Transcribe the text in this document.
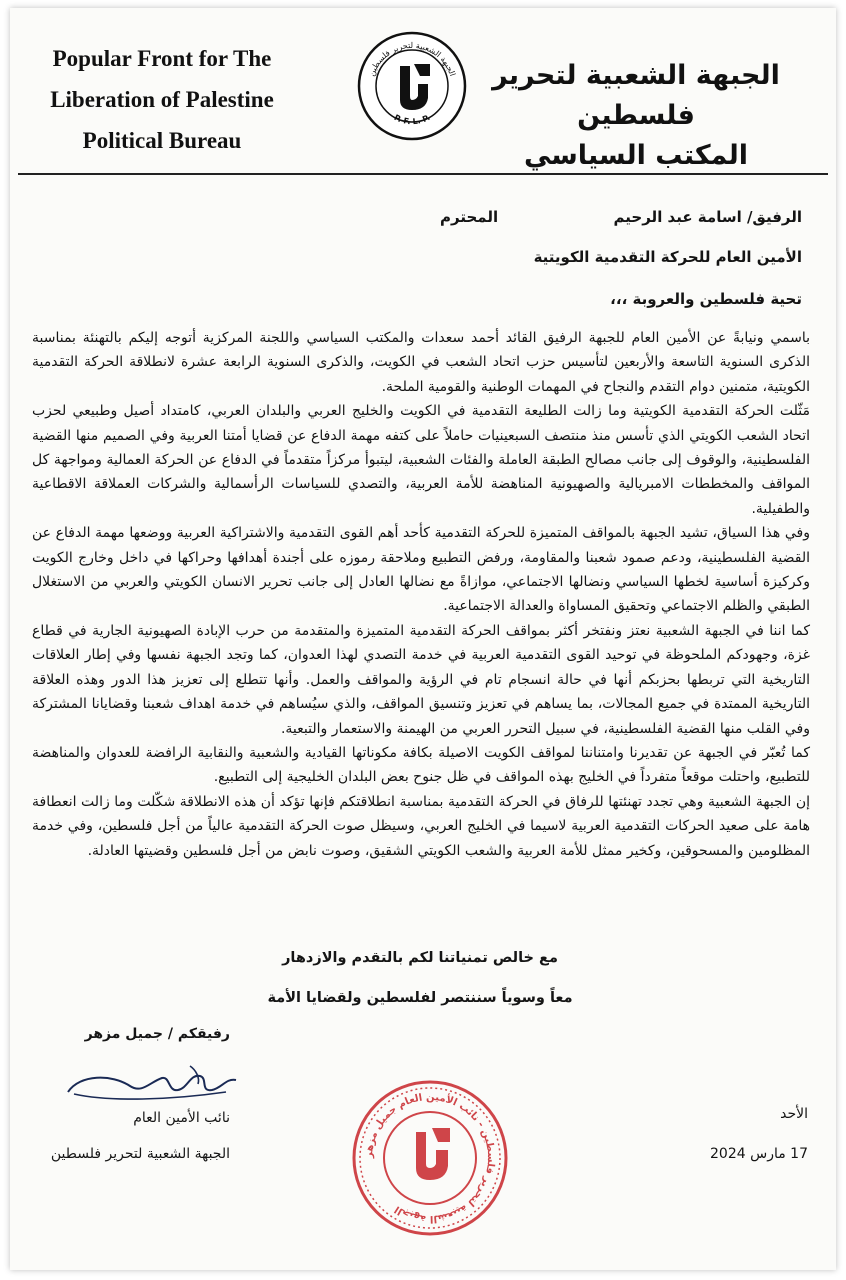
Popular Front for The
Liberation of Palestine
Political Bureau
الجبهة الشعبية لتحرير فلسطين
P. F. L. P.
الجبهة الشعبية لتحرير فلسطين
المكتب السياسي
الرفيق/ اسامة عبد الرحيم
المحترم
الأمين العام للحركة التقدمية الكويتية
تحية فلسطين والعروبة ،،،

باسمي ونيابةً عن الأمين العام للجبهة الرفيق القائد أحمد سعدات والمكتب السياسي واللجنة المركزية أتوجه إليكم بالتهنئة بمناسبة الذكرى السنوية التاسعة والأربعين لتأسيس حزب اتحاد الشعب في الكويت، والذكرى السنوية الرابعة عشرة لانطلاقة الحركة التقدمية الكويتية، متمنين دوام التقدم والنجاح في المهمات الوطنية والقومية الملحة.

مَثّلت الحركة التقدمية الكويتية وما زالت الطليعة التقدمية في الكويت والخليج العربي والبلدان العربي، كامتداد أصيل وطبيعي لحزب اتحاد الشعب الكويتي الذي تأسس منذ منتصف السبعينيات حاملاً على كتفه مهمة الدفاع عن قضايا أمتنا العربية وفي الصميم منها القضية الفلسطينية، والوقوف إلى جانب مصالح الطبقة العاملة والفئات الشعبية، ليتبوأ مركزاً متقدماً في الدفاع عن الحركة العمالية ومواجهة كل المواقف والمخططات الامبريالية والصهيونية المناهضة للأمة العربية، والتصدي للسياسات الرأسمالية والشركات العملاقة الاقطاعية والطفيلية.

وفي هذا السياق، تشيد الجبهة بالمواقف المتميزة للحركة التقدمية كأحد أهم القوى التقدمية والاشتراكية العربية ووضعها مهمة الدفاع عن القضية الفلسطينية، ودعم صمود شعبنا والمقاومة، ورفض التطبيع وملاحقة رموزه على أجندة أهدافها وحراكها في داخل وخارج الكويت وكركيزة أساسية لخطها السياسي ونضالها الاجتماعي، موازاةً مع نضالها العادل إلى جانب تحرير الانسان الكويتي والعربي من الاستغلال الطبقي والظلم الاجتماعي وتحقيق المساواة والعدالة الاجتماعية.

كما اننا في الجبهة الشعبية نعتز ونفتخر أكثر بمواقف الحركة التقدمية المتميزة والمتقدمة من حرب الإبادة الصهيونية الجارية في قطاع غزة، وجهودكم الملحوظة في توحيد القوى التقدمية العربية في خدمة التصدي لهذا العدوان، كما وتجد الجبهة نفسها وفي إطار العلاقات التاريخية التي تربطها بحزبكم أنها في حالة انسجام تام في الرؤية والمواقف والعمل. وأنها تتطلع إلى تعزيز هذا الدور وهذه العلاقة التاريخية الممتدة في جميع المجالات، بما يساهم في تعزيز وتنسيق المواقف، والذي سيُساهم في خدمة اهداف شعبنا وقضايانا المشتركة وفي القلب منها القضية الفلسطينية، في سبيل التحرر العربي من الهيمنة والاستعمار والتبعية.

كما تُعبّر في الجبهة عن تقديرنا وامتناننا لمواقف الكويت الاصيلة بكافة مكوناتها القيادية والشعبية والنقابية الرافضة للعدوان والمناهضة للتطبيع، واحتلت موقعاً متفرداً في الخليج بهذه المواقف في ظل جنوح بعض البلدان الخليجية إلى التطبيع.

إن الجبهة الشعبية وهي تجدد تهنئتها للرفاق في الحركة التقدمية بمناسبة انطلاقتكم فإنها تؤكد أن هذه الانطلاقة شكّلت وما زالت انعطافة هامة على صعيد الحركات التقدمية العربية لاسيما في الخليج العربي، وسيظل صوت الحركة التقدمية عالياً من أجل فلسطين، وفي خدمة المظلومين والمسحوقين، وكخير ممثل للأمة العربية والشعب الكويتي الشقيق، وصوت نابض من أجل فلسطين وقضيتها العادلة.

مع خالص تمنياتنا لكم بالتقدم والازدهار
معاً وسوياً سننتصر لفلسطين ولقضايا الأمة
رفيقكم / جميل مزهر
نائب الأمين العام
الجبهة الشعبية لتحرير فلسطين	الجبهة الشعبية لتحرير فلسطين - نائب الأمين العام جميل مزهر
الأحد
17 مارس 2024
